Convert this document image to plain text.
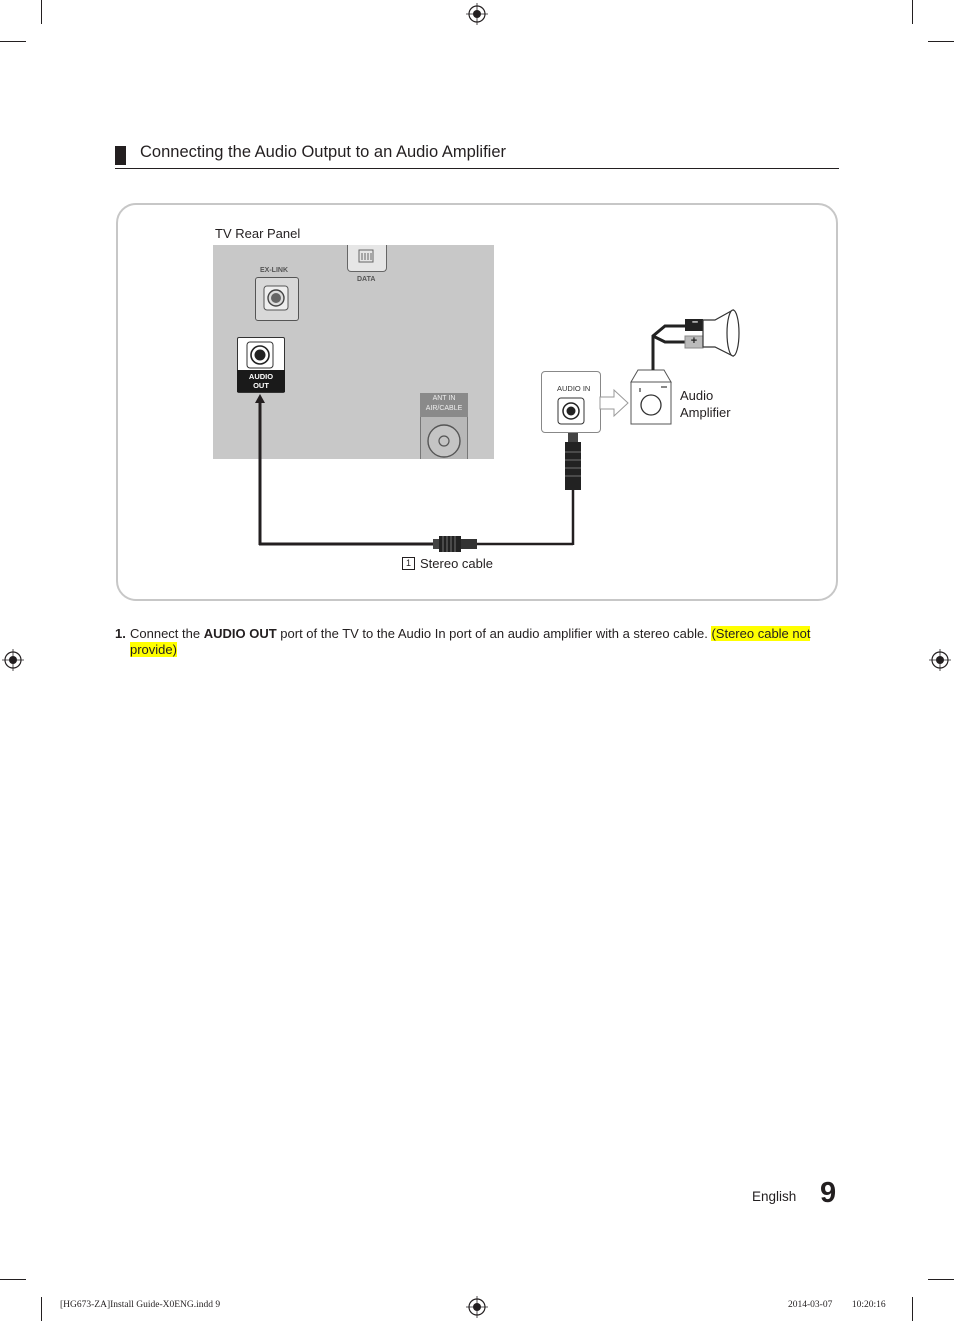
Connecting the Audio Output to an Audio Amplifier
TV Rear Panel
DATA
EX-LINK
AUDIO
OUT
ANT IN
AIR/CABLE
1 Stereo cable
AUDIO IN
–
+
Audio
Amplifier
1. Connect the AUDIO OUT port of the TV to the Audio In port of an audio amplifier with a stereo cable. (Stereo cable not provide)
English 9
[HG673-ZA]Install Guide-X0ENG.indd 9	2014-03-07 ￿￿ 10:20:16
